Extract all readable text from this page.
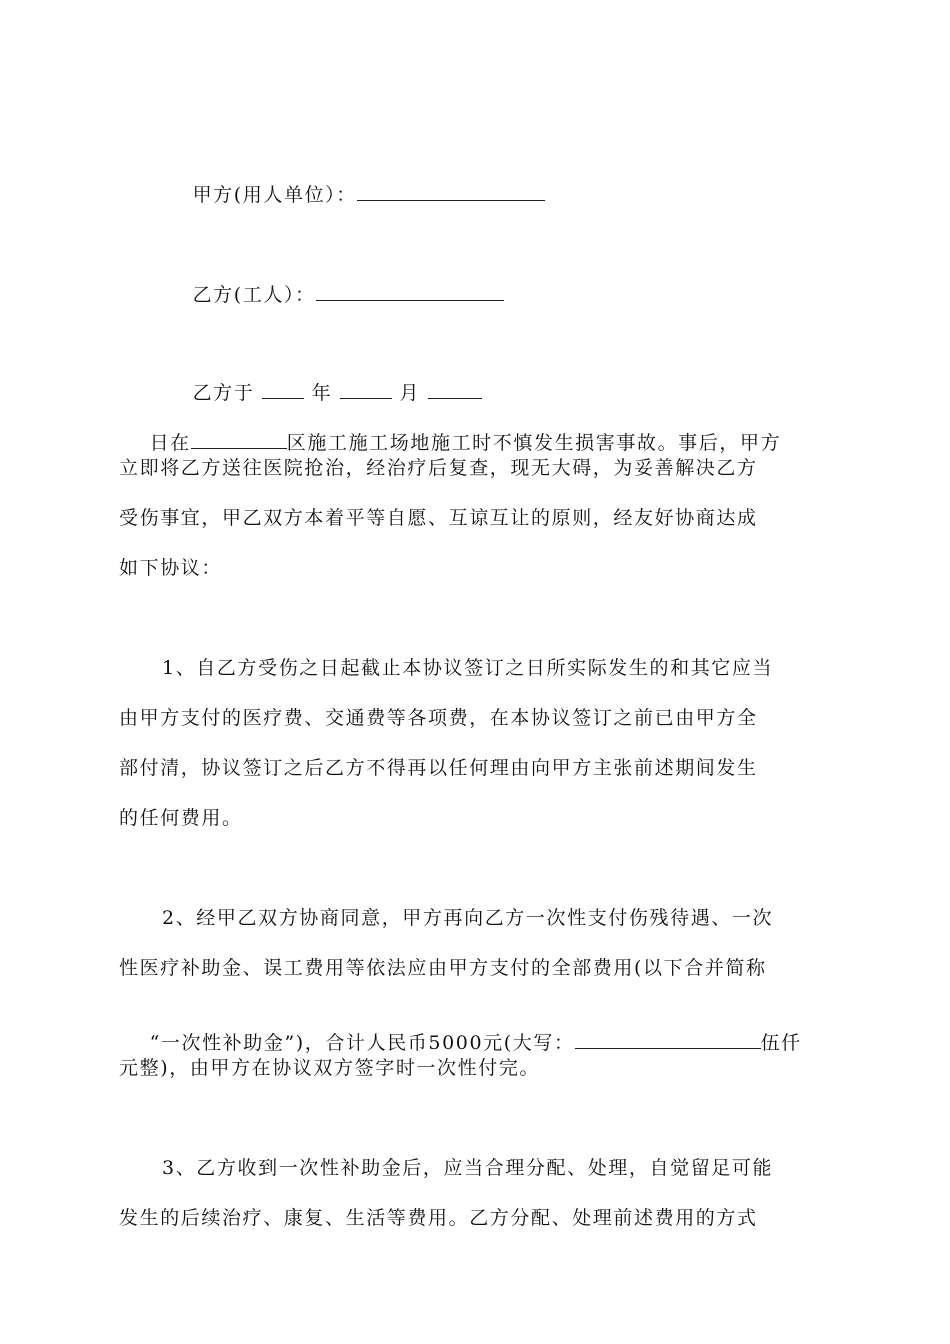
甲方(用人单位）：

乙方(工人）：

乙方于	年	月

日在	区施工施工场地施工时不慎发生损害事故。事后，甲方

立即将乙方送往医院抢治，经治疗后复查，现无大碍，为妥善解决乙方
受伤事宜，甲乙双方本着平等自愿、互谅互让的原则，经友好协商达成
如下协议：
1、自乙方受伤之日起截止本协议签订之日所实际发生的和其它应当
由甲方支付的医疗费、交通费等各项费，在本协议签订之前已由甲方全
部付清，协议签订之后乙方不得再以任何理由向甲方主张前述期间发生
的任何费用。
2、经甲乙双方协商同意，甲方再向乙方一次性支付伤残待遇、一次
性医疗补助金、误工费用等依法应由甲方支付的全部费用(以下合并简称

“一次性补助金”)，合计人民币5000元(大写：	伍仟

元整)，由甲方在协议双方签字时一次性付完。
3、乙方收到一次性补助金后，应当合理分配、处理，自觉留足可能
发生的后续治疗、康复、生活等费用。乙方分配、处理前述费用的方式
